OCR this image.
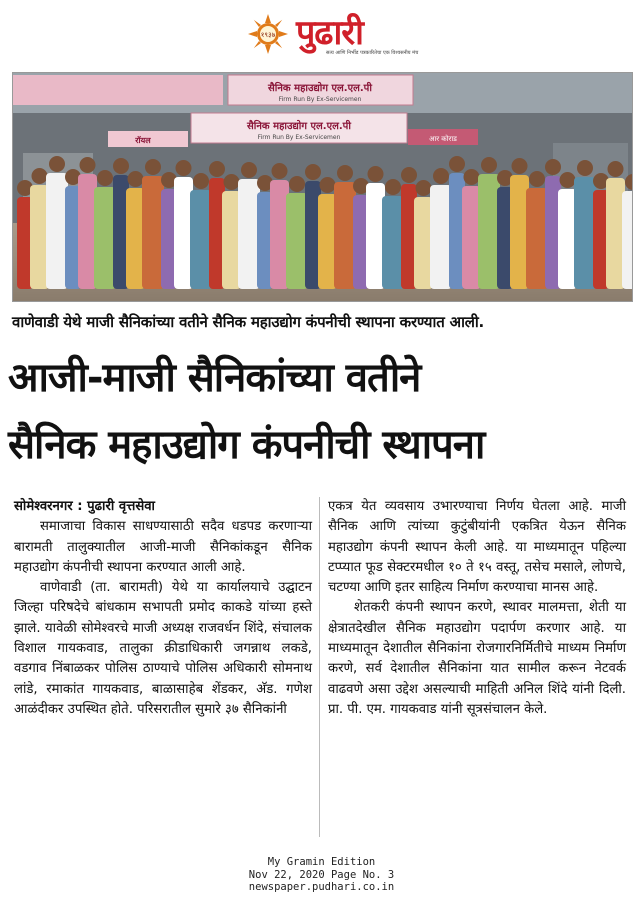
१९३७ पुढारी
सत्य आणि निर्भीड पत्रकारितेचा एक विश्वसनीय मंच
सैनिक महाउद्योग एल.एल.पी
Firm Run By Ex-Servicemen
सैनिक महाउद्योग एल.एल.पी
Firm Run By Ex-Servicemen
रॉयल	आर कोराड
वाणेवाडी येथे माजी सैनिकांच्या वतीने सैनिक महाउद्योग कंपनीची स्थापना करण्यात आली.
आजी-माजी सैनिकांच्या वतीने
सैनिक महाउद्योग कंपनीची स्थापना
सोमेश्वरनगर : पुढारी वृत्तसेवा

समाजाचा विकास साधण्यासाठी सदैव धडपड करणाऱ्या बारामती तालुक्यातील आजी-माजी सैनिकांकडून सैनिक महाउद्योग कंपनीची स्थापना करण्यात आली आहे.

वाणेवाडी (ता. बारामती) येथे या कार्यालयाचे उद्घाटन जिल्हा परिषदेचे बांधकाम सभापती प्रमोद काकडे यांच्या हस्ते झाले. यावेळी सोमेश्वरचे माजी अध्यक्ष राजवर्धन शिंदे, संचालक विशाल गायकवाड, तालुका क्रीडाधिकारी जगन्नाथ लकडे, वडगाव निंबाळकर पोलिस ठाण्याचे पोलिस अधिकारी सोमनाथ लांडे, रमाकांत गायकवाड, बाळासाहेब शेंडकर, अ‍ॅड. गणेश आळंदीकर उपस्थित होते. परिसरातील सुमारे ३७ सैनिकांनी

एकत्र येत व्यवसाय उभारण्याचा निर्णय घेतला आहे. माजी सैनिक आणि त्यांच्या कुटुंबीयांनी एकत्रित येऊन सैनिक महाउद्योग कंपनी स्थापन केली आहे. या माध्यमातून पहिल्या टप्प्यात फूड सेक्टरमधील १० ते १५ वस्तू, तसेच मसाले, लोणचे, चटण्या आणि इतर साहित्य निर्माण करण्याचा मानस आहे.

शेतकरी कंपनी स्थापन करणे, स्थावर मालमत्ता, शेती या क्षेत्रातदेखील सैनिक महाउद्योग पदार्पण करणार आहे. या माध्यमातून देशातील सैनिकांना रोजगारनिर्मितीचे माध्यम निर्माण करणे, सर्व देशातील सैनिकांना यात सामील करून नेटवर्क वाढवणे असा उद्देश असल्याची माहिती अनिल शिंदे यांनी दिली. प्रा. पी. एम. गायकवाड यांनी सूत्रसंचालन केले.

My Gramin Edition
Nov 22, 2020 Page No. 3
newspaper.pudhari.co.in
